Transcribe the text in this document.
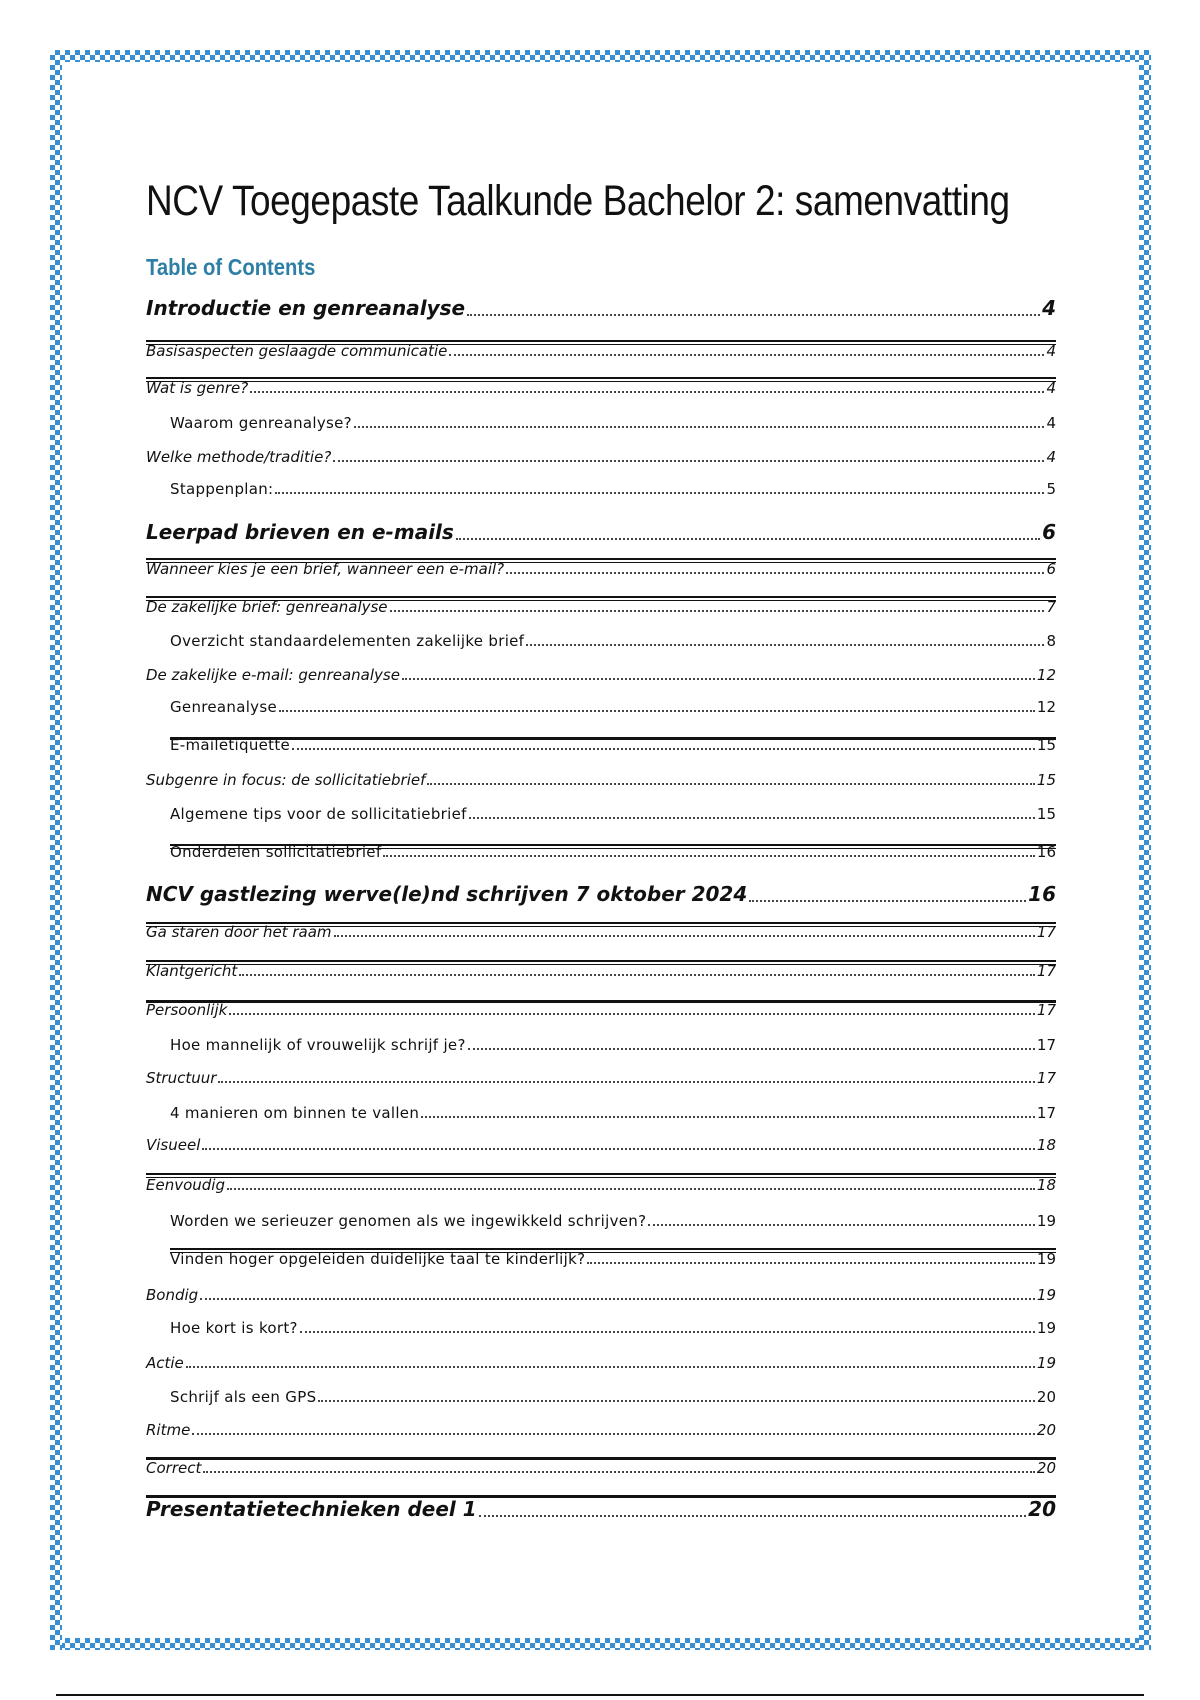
NCV Toegepaste Taalkunde Bachelor 2: samenvatting
Table of Contents
Introductie en genreanalyse	4
Basisaspecten geslaagde communicatie	4
Wat is genre?	4
Waarom genreanalyse?	4
Welke methode/traditie?	4
Stappenplan:	5
Leerpad brieven en e-mails	6
Wanneer kies je een brief, wanneer een e-mail?	6
De zakelijke brief: genreanalyse	7
Overzicht standaardelementen zakelijke brief	8
De zakelijke e-mail: genreanalyse	12
Genreanalyse	12
E-mailetiquette	15
Subgenre in focus: de sollicitatiebrief	15
Algemene tips voor de sollicitatiebrief	15
Onderdelen sollicitatiebrief	16
NCV gastlezing werve(le)nd schrijven 7 oktober 2024	16
Ga staren door het raam	17
Klantgericht	17
Persoonlijk	17
Hoe mannelijk of vrouwelijk schrijf je?	17
Structuur	17
4 manieren om binnen te vallen	17
Visueel	18
Eenvoudig	18
Worden we serieuzer genomen als we ingewikkeld schrijven?	19
Vinden hoger opgeleiden duidelijke taal te kinderlijk?	19
Bondig	19
Hoe kort is kort?	19
Actie	19
Schrijf als een GPS	20
Ritme	20
Correct	20
Presentatietechnieken deel 1	20
